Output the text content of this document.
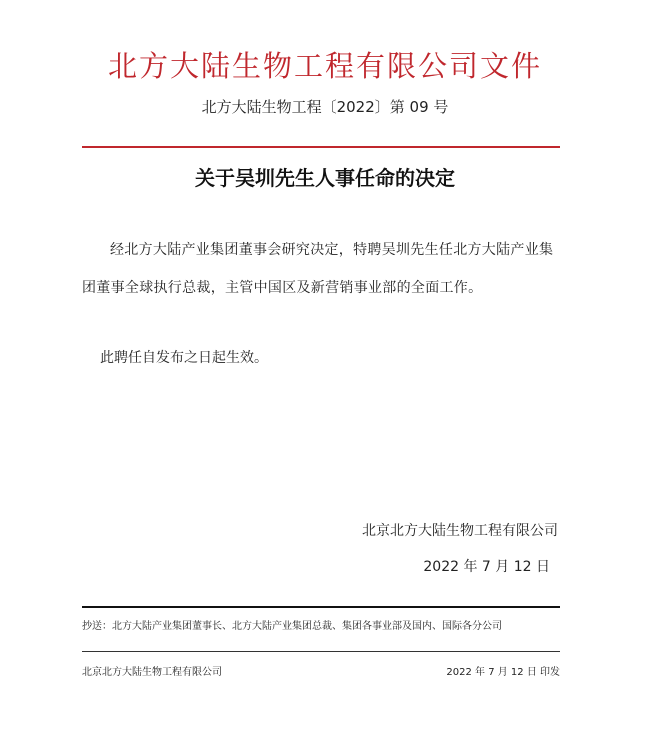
北方大陆生物工程有限公司文件
北方大陆生物工程〔2022〕第 09 号
关于吴圳先生人事任命的决定
经北方大陆产业集团董事会研究决定，特聘吴圳先生任北方大陆产业集团董事全球执行总裁，主管中国区及新营销事业部的全面工作。
此聘任自发布之日起生效。
北京北方大陆生物工程有限公司
2022 年 7 月 12 日
抄送：北方大陆产业集团董事长、北方大陆产业集团总裁、集团各事业部及国内、国际各分公司
北京北方大陆生物工程有限公司	2022 年 7 月 12 日 印发
